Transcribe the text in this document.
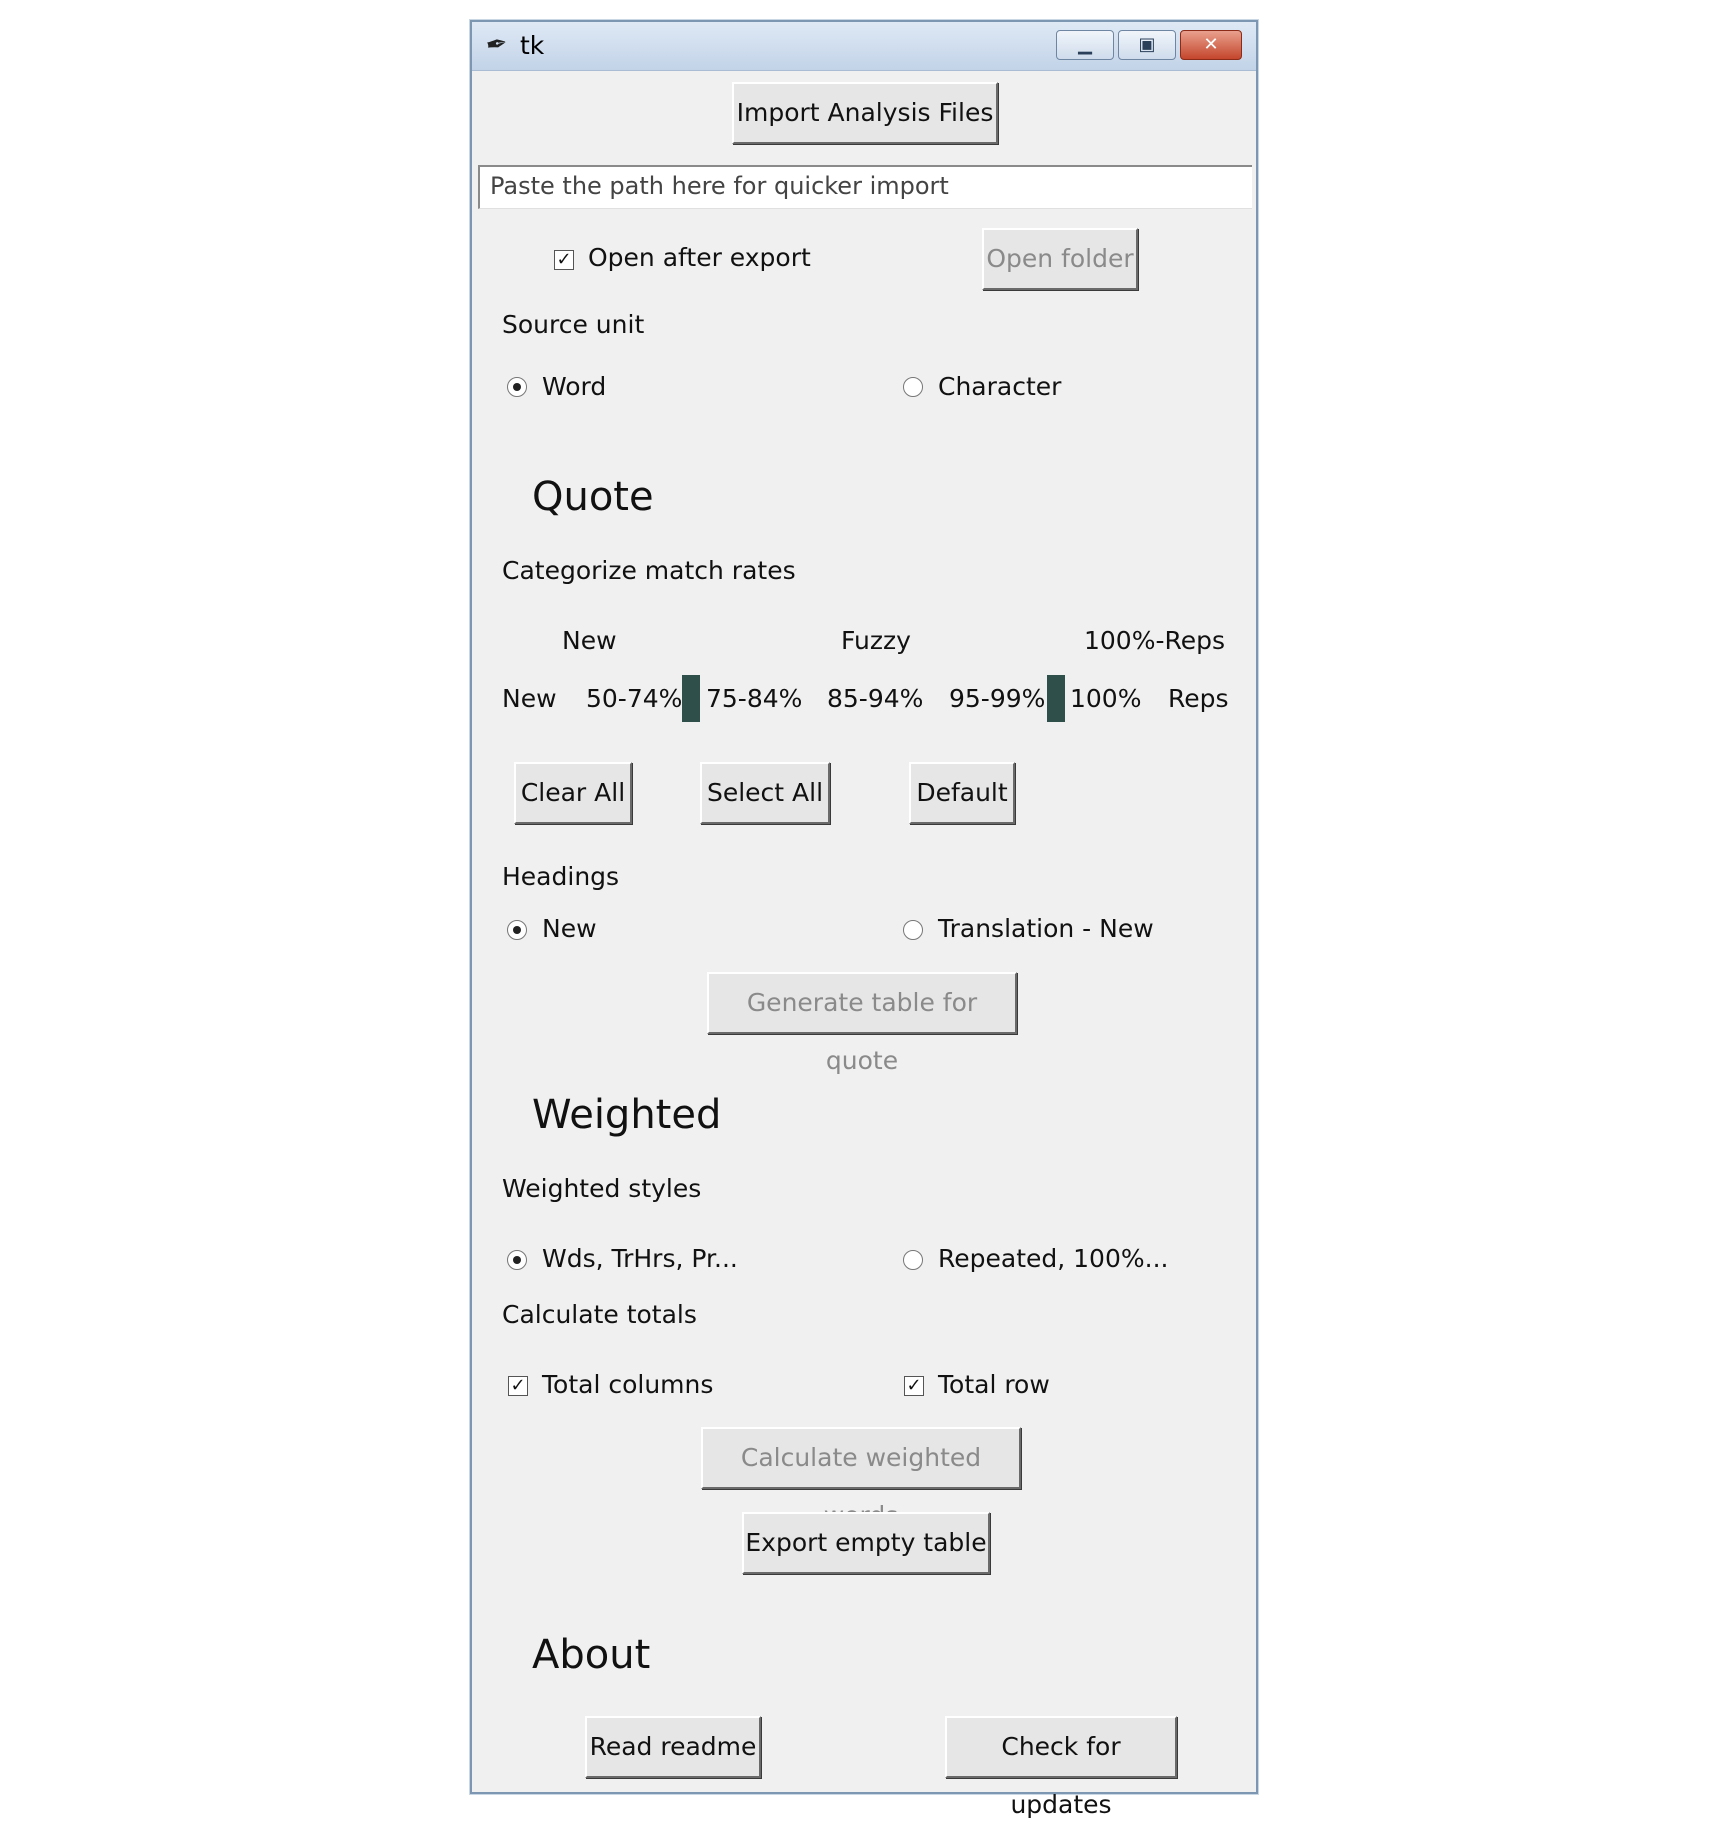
✒ tk	▁	▣	✕
Import Analysis Files
Paste the path here for quicker import
✓ Open after export	Open folder
Source unit
Word	Character
Quote
Categorize match rates
New	Fuzzy	100%-Reps
New 50-74% 75-84% 85-94% 95-99% 100% Reps
Clear All	Select All	Default
Headings
New	Translation - New
Generate table for quote
Weighted
Weighted styles
Wds, TrHrs, Pr...	Repeated, 100%...
Calculate totals
✓ Total columns	✓ Total row
Calculate weighted
Export empty table
About
Read readme	Check for updates
